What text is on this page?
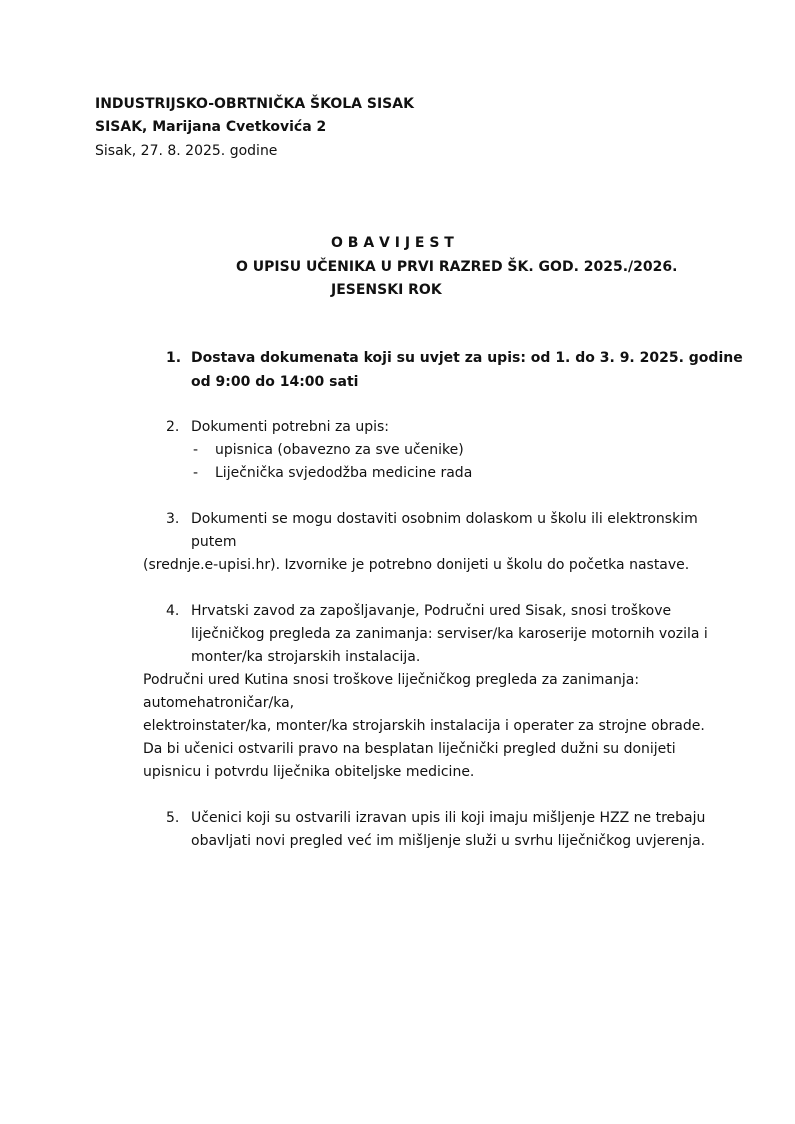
INDUSTRIJSKO-OBRTNIČKA ŠKOLA SISAK
SISAK, Marijana Cvetkovića 2
Sisak, 27. 8. 2025. godine
O B A V I J E S T
O UPISU UČENIKA U PRVI RAZRED ŠK. GOD. 2025./2026.
JESENSKI ROK
1. Dostava dokumenata koji su uvjet za upis: od 1. do 3. 9. 2025. godine
od 9:00 do 14:00 sati
2. Dokumenti potrebni za upis:
- upisnica (obavezno za sve učenike)
- Liječnička svjedodžba medicine rada
3. Dokumenti se mogu dostaviti osobnim dolaskom u školu ili elektronskim
putem
(srednje.e-upisi.hr). Izvornike je potrebno donijeti u školu do početka nastave.
4. Hrvatski zavod za zapošljavanje, Područni ured Sisak, snosi troškove
liječničkog pregleda za zanimanja: serviser/ka karoserije motornih vozila i
monter/ka strojarskih instalacija.
Područni ured Kutina snosi troškove liječničkog pregleda za zanimanja:
automehatroničar/ka,
elektroinstater/ka, monter/ka strojarskih instalacija i operater za strojne obrade.
Da bi učenici ostvarili pravo na besplatan liječnički pregled dužni su donijeti
upisnicu i potvrdu liječnika obiteljske medicine.
5. Učenici koji su ostvarili izravan upis ili koji imaju mišljenje HZZ ne trebaju
obavljati novi pregled već im mišljenje služi u svrhu liječničkog uvjerenja.
